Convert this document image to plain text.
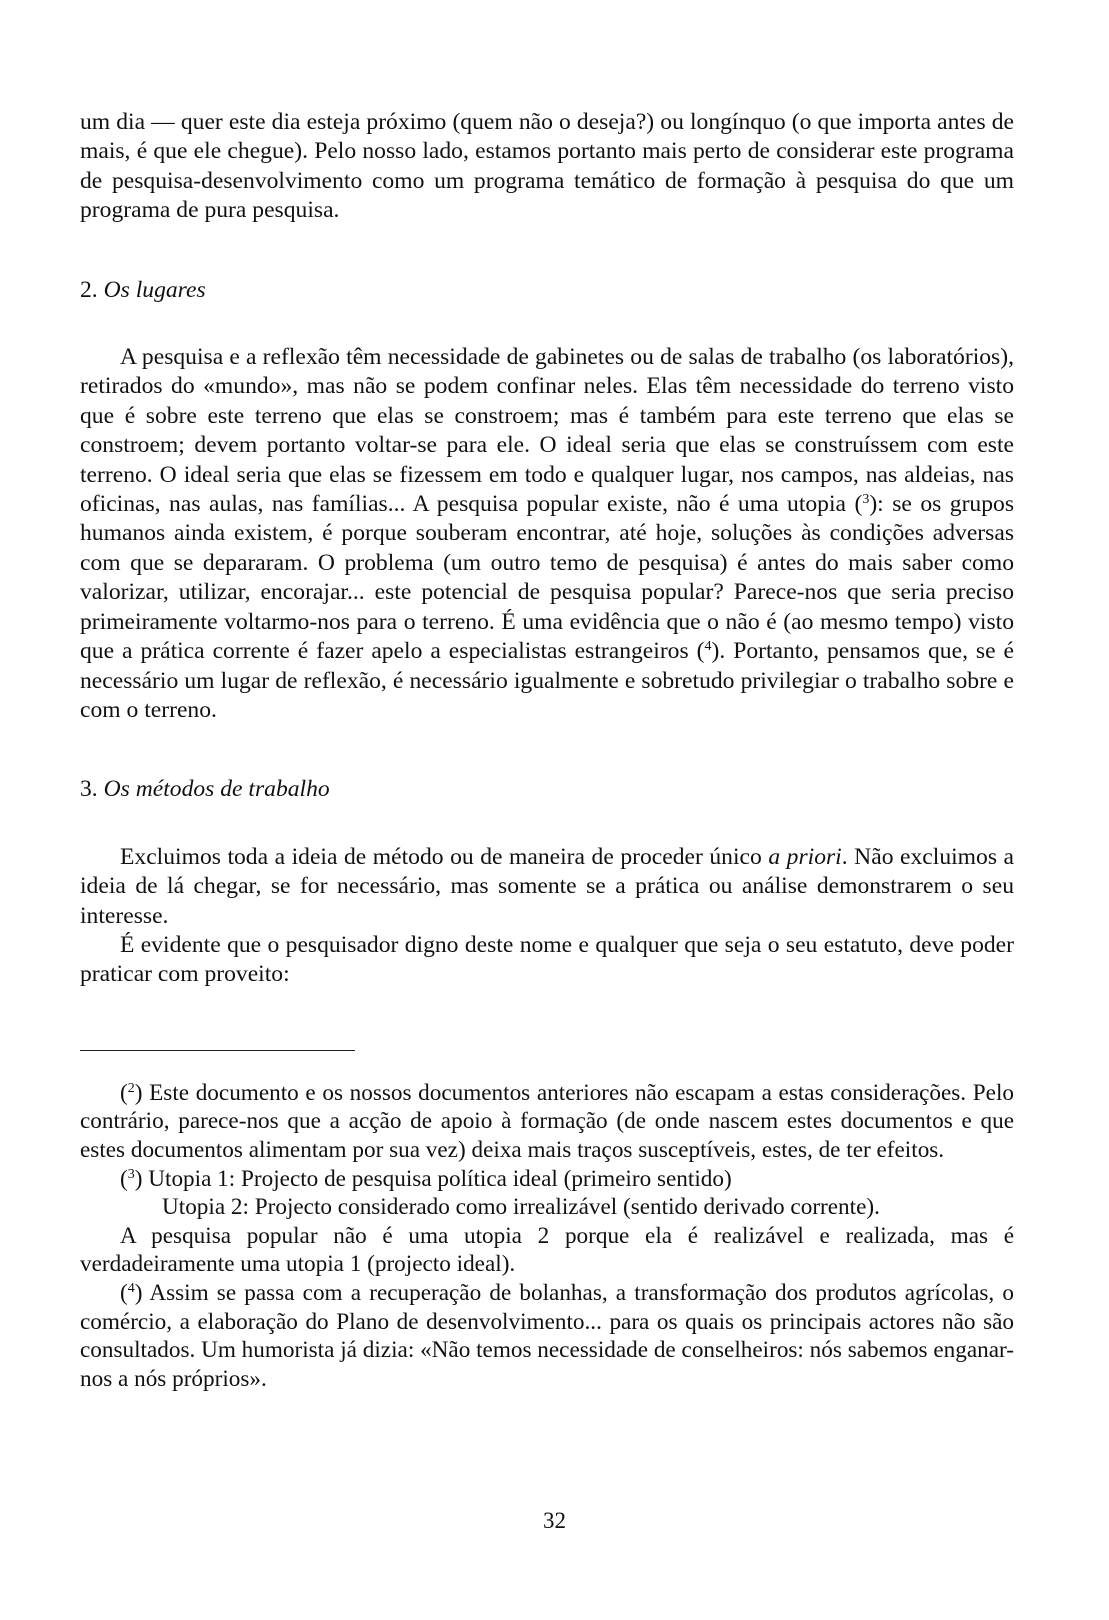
um dia — quer este dia esteja próximo (quem não o deseja?) ou longínquo (o que importa antes de mais, é que ele chegue). Pelo nosso lado, estamos portanto mais perto de considerar este programa de pesquisa-desenvolvimento como um programa temático de formação à pesquisa do que um programa de pura pesquisa.

2. Os lugares

A pesquisa e a reflexão têm necessidade de gabinetes ou de salas de trabalho (os laboratórios), retirados do «mundo», mas não se podem confinar neles. Elas têm necessidade do terreno visto que é sobre este terreno que elas se constroem; mas é também para este terreno que elas se constroem; devem portanto voltar-se para ele. O ideal seria que elas se construíssem com este terreno. O ideal seria que elas se fizessem em todo e qualquer lugar, nos campos, nas aldeias, nas oficinas, nas aulas, nas famílias... A pesquisa popular existe, não é uma utopia ($^3$): se os grupos humanos ainda existem, é porque souberam encontrar, até hoje, soluções às condições adversas com que se depararam. O problema (um outro temo de pesquisa) é antes do mais saber como valorizar, utilizar, encorajar... este potencial de pesquisa popular? Parece-nos que seria preciso primeiramente voltarmo-nos para o terreno. É uma evidência que o não é (ao mesmo tempo) visto que a prática corrente é fazer apelo a especialistas estrangeiros ($^4$). Portanto, pensamos que, se é necessário um lugar de reflexão, é necessário igualmente e sobretudo privilegiar o trabalho sobre e com o terreno.

3. Os métodos de trabalho

Excluimos toda a ideia de método ou de maneira de proceder único a priori. Não excluimos a ideia de lá chegar, se for necessário, mas somente se a prática ou análise demonstrarem o seu interesse.

É evidente que o pesquisador digno deste nome e qualquer que seja o seu estatuto, deve poder praticar com proveito:

($^2$) Este documento e os nossos documentos anteriores não escapam a estas considerações. Pelo contrário, parece-nos que a acção de apoio à formação (de onde nascem estes documentos e que estes documentos alimentam por sua vez) deixa mais traços susceptíveis, estes, de ter efeitos.

($^3$) Utopia 1: Projecto de pesquisa política ideal (primeiro sentido)
Utopia 2: Projecto considerado como irrealizável (sentido derivado corrente).

A pesquisa popular não é uma utopia 2 porque ela é realizável e realizada, mas é verdadeiramente uma utopia 1 (projecto ideal).

($^4$) Assim se passa com a recuperação de bolanhas, a transformação dos produtos agrícolas, o comércio, a elaboração do Plano de desenvolvimento... para os quais os principais actores não são consultados. Um humorista já dizia: «Não temos necessidade de conselheiros: nós sabemos enganar-nos a nós próprios».

32
